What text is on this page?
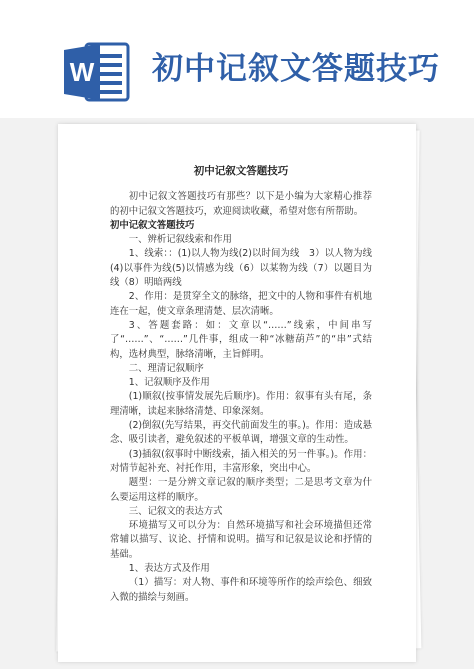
W 初中记叙文答题技巧
初中记叙文答题技巧

初中记叙文答题技巧有那些？以下是小编为大家精心推荐的初中记叙文答题技巧，欢迎阅读收藏，希望对您有所帮助。

初中记叙文答题技巧

一、辨析记叙线索和作用

1、线索：：(1)以人物为线(2)以时间为线　3）以人物为线(4)以事件为线(5)以情感为线（6）以某物为线（7）以题目为线（8）明暗两线

2、作用：是贯穿全文的脉络，把文中的人物和事件有机地连在一起，使文章条理清楚、层次清晰。

3、答题套路：如：文章以“……”线索，中间串写了“……”、“……”几件事，组成一种“冰糖葫芦”的“串”式结构，选材典型，脉络清晰，主旨鲜明。

二、理清记叙顺序

1、记叙顺序及作用

(1)顺叙(按事情发展先后顺序)。作用：叙事有头有尾，条理清晰，读起来脉络清楚、印象深刻。

(2)倒叙(先写结果，再交代前面发生的事。)。作用：造成悬念、吸引读者，避免叙述的平板单调，增强文章的生动性。

(3)插叙(叙事时中断线索，插入相关的另一件事。)。作用：对情节起补充、衬托作用，丰富形象，突出中心。

题型：一是分辨文章记叙的顺序类型；二是思考文章为什么要运用这样的顺序。

三、记叙文的表达方式

环境描写又可以分为：自然环境描写和社会环境描但还常常辅以描写、议论、抒情和说明。描写和记叙是议论和抒情的基础。

1、表达方式及作用

（1）描写：对人物、事件和环境等所作的绘声绘色、细致入微的描绘与刻画。
